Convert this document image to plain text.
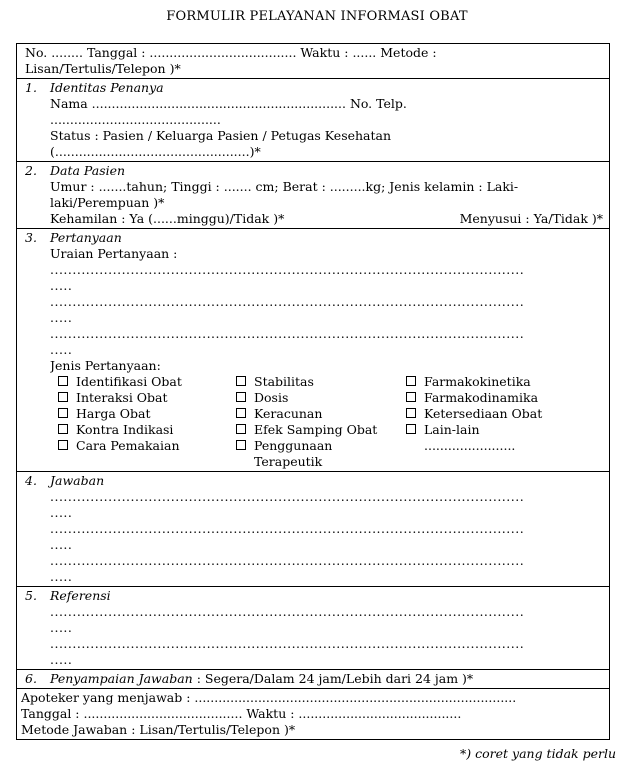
FORMULIR PELAYANAN INFORMASI OBAT
No. ........ Tanggal : ..................................... Waktu : ...... Metode :
Lisan/Tertulis/Telepon )*
1. Identitas Penanya
Nama ................................................................ No. Telp.
...........................................
Status : Pasien / Keluarga Pasien / Petugas Kesehatan
(.................................................)*
2. Data Pasien
Umur : .......tahun; Tinggi : ....... cm; Berat : .........kg; Jenis kelamin : Laki-
laki/Perempuan )*
Kehamilan : Ya (......minggu)/Tidak )*	Menyusui : Ya/Tidak )*
3. Pertanyaan
Uraian Pertanyaan :
..........................................................................................................
.....
..........................................................................................................
.....
..........................................................................................................
.....
Jenis Pertanyaan:
Identifikasi Obat	Stabilitas	Farmakokinetika
Interaksi Obat	Dosis	Farmakodinamika
Harga Obat	Keracunan	Ketersediaan Obat
Kontra Indikasi	Efek Samping Obat	Lain-lain
Cara Pemakaian	Penggunaan	.......................
Terapeutik
4. Jawaban
..........................................................................................................
.....
..........................................................................................................
.....
..........................................................................................................
.....
5. Referensi
..........................................................................................................
.....
..........................................................................................................
.....
6.	Penyampaian Jawaban : Segera/Dalam 24 jam/Lebih dari 24 jam )*
Apoteker yang menjawab : .................................................................................
Tanggal : ........................................ Waktu : .........................................
Metode Jawaban : Lisan/Tertulis/Telepon )*
*) coret yang tidak perlu
